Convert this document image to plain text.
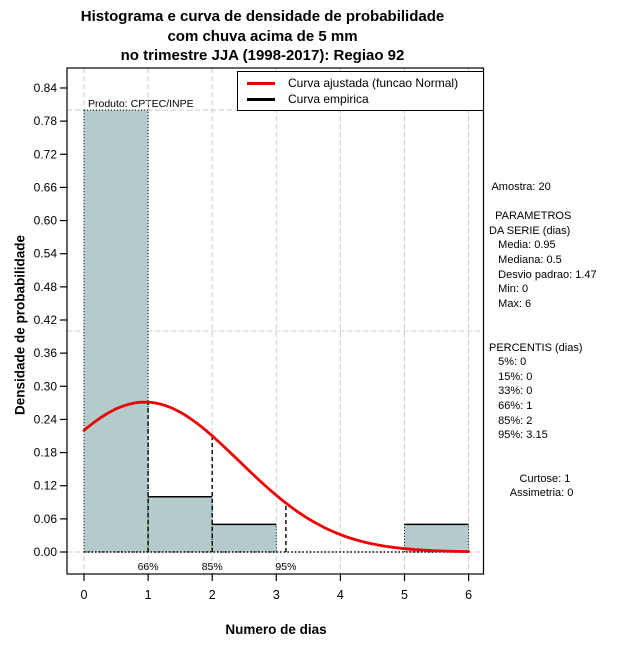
Histograma e curva de densidade de probabilidade
com chuva acima de 5 mm
no trimestre JJA (1998-2017): Regiao 92
Densidade de probabilidade
Numero de dias
Produto: CPTEC/INPE
66%	85%	95%
0.00
0.06
0.12
0.18
0.24
0.30
0.36
0.42
0.48
0.54
0.60
0.66
0.72
0.78
0.84
0	1	2	3	4	5	6
Curva ajustada (funcao Normal)
Curva empirica
Amostra: 20

PARAMETROS
DA SERIE (dias)
Media: 0.95
Mediana: 0.5
Desvio padrao: 1.47
Min: 0
Max: 6

PERCENTIS (dias)
5%: 0
15%: 0
33%: 0
66%: 1
85%: 2
95%: 3.15

Curtose: 1
Assimetria: 0
